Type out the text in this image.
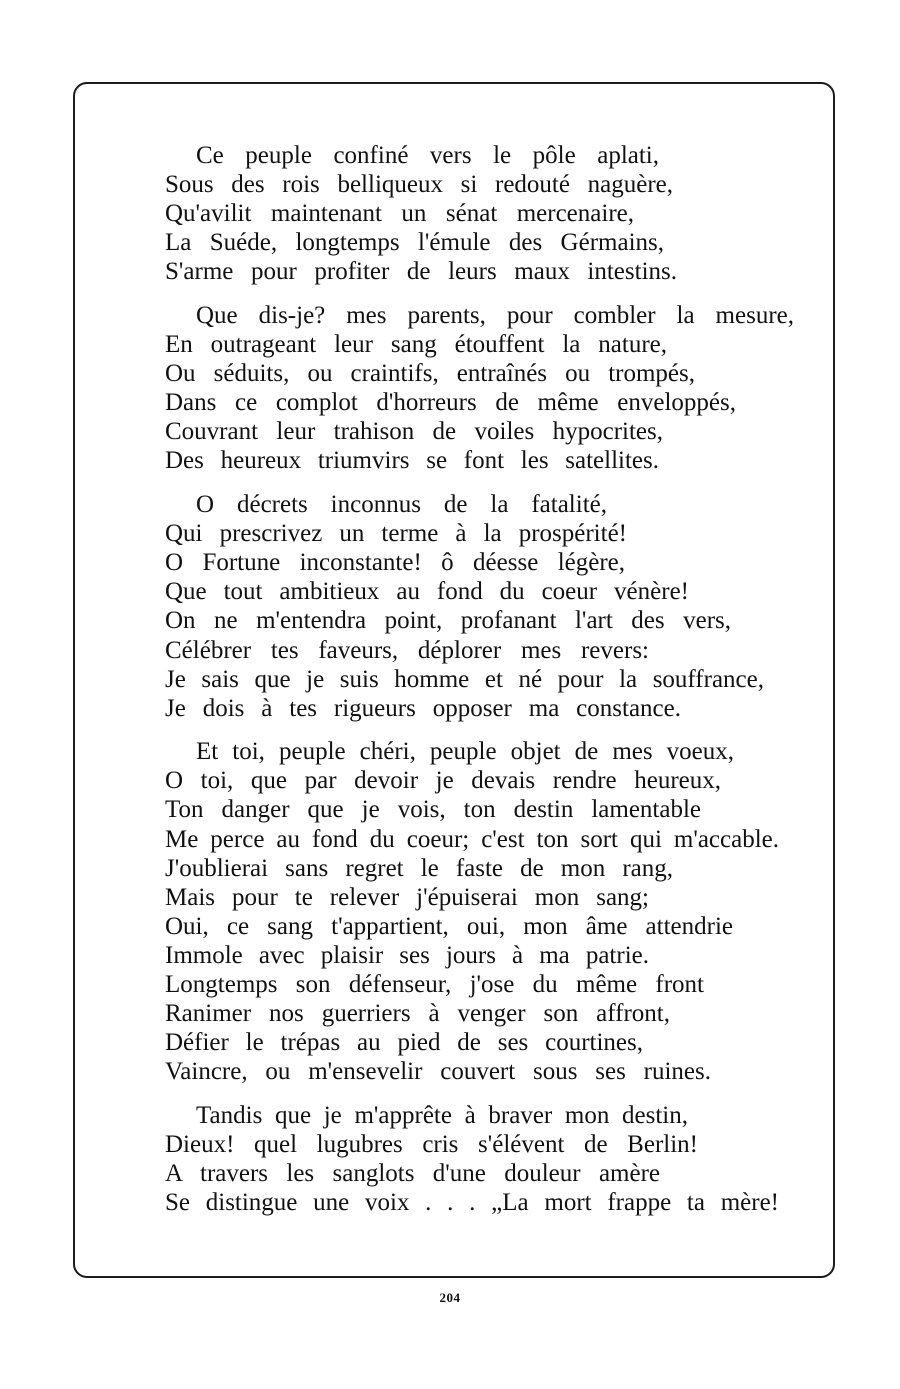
Ce peuple confiné vers le pôle aplati,
Sous des rois belliqueux si redouté naguère,
Qu'avilit maintenant un sénat mercenaire,
La Suéde, longtemps l'émule des Gérmains,
S'arme pour profiter de leurs maux intestins.
Que dis-je? mes parents, pour combler la mesure,
En outrageant leur sang étouffent la nature,
Ou séduits, ou craintifs, entraînés ou trompés,
Dans ce complot d'horreurs de même enveloppés,
Couvrant leur trahison de voiles hypocrites,
Des heureux triumvirs se font les satellites.
O décrets inconnus de la fatalité,
Qui prescrivez un terme à la prospérité!
O Fortune inconstante! ô déesse légère,
Que tout ambitieux au fond du coeur vénère!
On ne m'entendra point, profanant l'art des vers,
Célébrer tes faveurs, déplorer mes revers:
Je sais que je suis homme et né pour la souffrance,
Je dois à tes rigueurs opposer ma constance.
Et toi, peuple chéri, peuple objet de mes voeux,
O toi, que par devoir je devais rendre heureux,
Ton danger que je vois, ton destin lamentable
Me perce au fond du coeur; c'est ton sort qui m'accable.
J'oublierai sans regret le faste de mon rang,
Mais pour te relever j'épuiserai mon sang;
Oui, ce sang t'appartient, oui, mon âme attendrie
Immole avec plaisir ses jours à ma patrie.
Longtemps son défenseur, j'ose du même front
Ranimer nos guerriers à venger son affront,
Défier le trépas au pied de ses courtines,
Vaincre, ou m'ensevelir couvert sous ses ruines.
Tandis que je m'apprête à braver mon destin,
Dieux! quel lugubres cris s'élévent de Berlin!
A travers les sanglots d'une douleur amère
Se distingue une voix . . . „La mort frappe ta mère!
204
